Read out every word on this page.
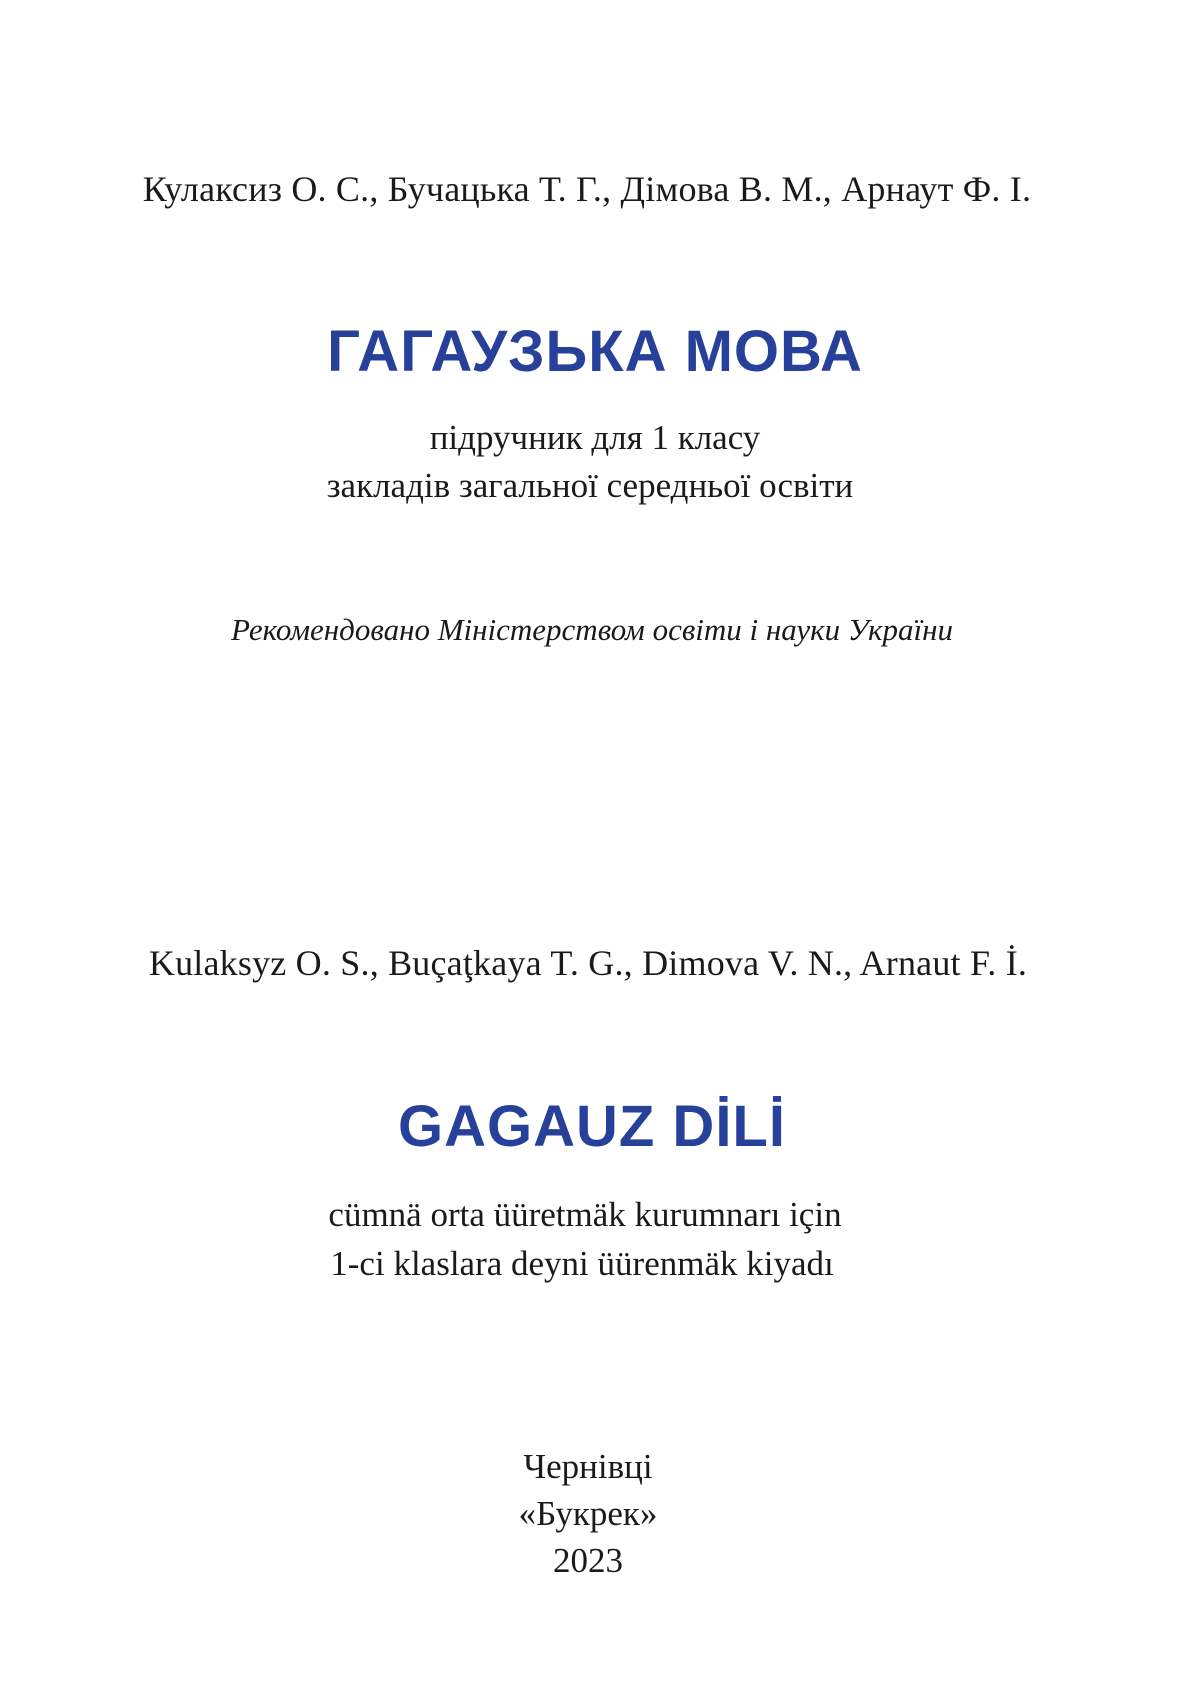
Кулаксиз О. С., Бучацька Т. Г., Дімова В. М., Арнаут Ф. І.
ГАГАУЗЬКА МОВА
підручник для 1 класу
закладів загальної середньої освіти
Рекомендовано Міністерством освіти і науки України
Kulaksyz O. S., Buçaţkaya T. G., Dimova V. N., Arnaut F. İ.
GAGAUZ DİLİ
cümnä orta üüretmäk kurumnarı için
1-ci klaslara deyni üürenmäk kiyadı
Чернівці
«Букрек»
2023
